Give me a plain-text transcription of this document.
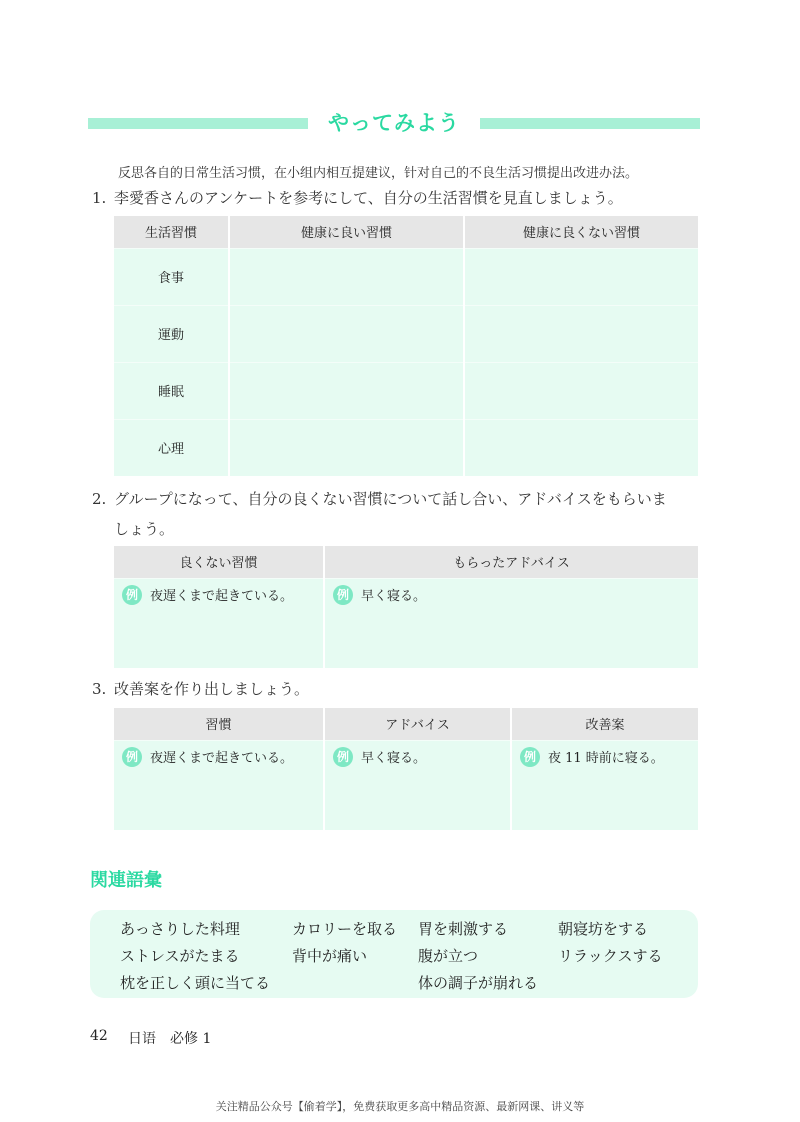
やってみよう
反思各自的日常生活习惯，在小组内相互提建议，针对自己的不良生活习惯提出改进办法。
1. 李愛香さんのアンケートを参考にして、自分の生活習慣を見直しましょう。
生活習慣	健康に良い習慣	健康に良くない習慣
食事		
運動		
睡眠		
心理		
2. グループになって、自分の良くない習慣について話し合い、アドバイスをもらいま
しょう。
良くない習慣	もらったアドバイス

例 夜遅くまで起きている。	例 早く寝る。
3. 改善案を作り出しましょう。
習慣	アドバイス	改善案

例 夜遅くまで起きている。	例 早く寝る。	例 夜 11 時前に寝る。
関連語彙
あっさりした料理	カロリーを取る 胃を刺激する	朝寝坊をする
ストレスがたまる	背中が痛い	腹が立つ	リラックスする
枕を正しく頭に当てる	体の調子が崩れる
42 日语　必修 1
关注精品公众号【偷着学】，免费获取更多高中精品资源、最新网课、讲义等
